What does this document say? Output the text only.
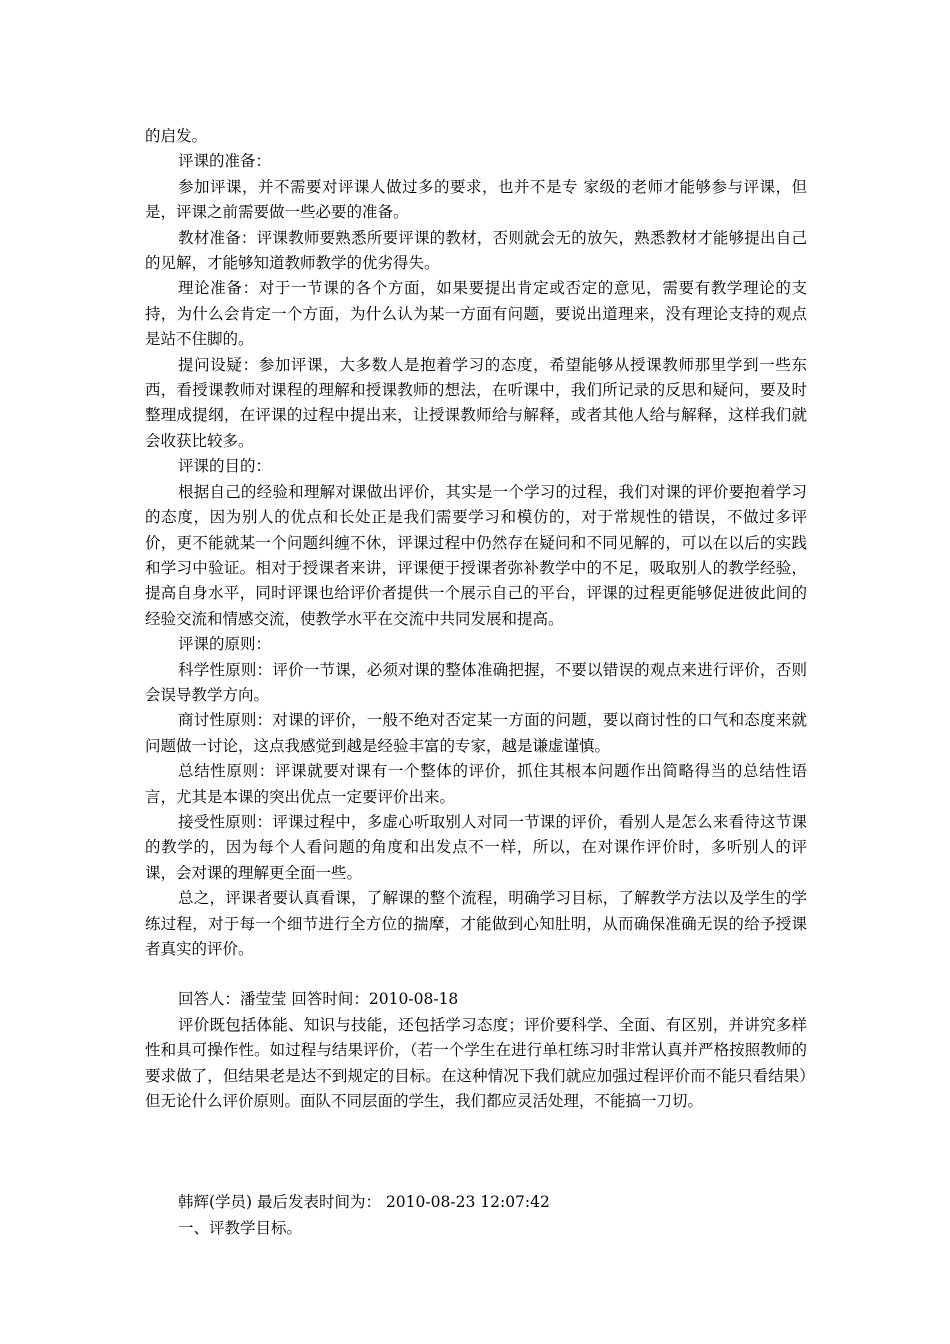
的启发。

评课的准备：

参加评课，并不需要对评课人做过多的要求，也并不是专 家级的老师才能够参与评课，但是，评课之前需要做一些必要的准备。

教材准备：评课教师要熟悉所要评课的教材，否则就会无的放矢，熟悉教材才能够提出自己的见解，才能够知道教师教学的优劣得失。

理论准备：对于一节课的各个方面，如果要提出肯定或否定的意见，需要有教学理论的支持，为什么会肯定一个方面，为什么认为某一方面有问题，要说出道理来，没有理论支持的观点是站不住脚的。

提问设疑：参加评课，大多数人是抱着学习的态度，希望能够从授课教师那里学到一些东西，看授课教师对课程的理解和授课教师的想法，在听课中，我们所记录的反思和疑问，要及时整理成提纲，在评课的过程中提出来，让授课教师给与解释，或者其他人给与解释，这样我们就会收获比较多。

评课的目的：

根据自己的经验和理解对课做出评价，其实是一个学习的过程，我们对课的评价要抱着学习的态度，因为别人的优点和长处正是我们需要学习和模仿的，对于常规性的错误，不做过多评价，更不能就某一个问题纠缠不休，评课过程中仍然存在疑问和不同见解的，可以在以后的实践和学习中验证。相对于授课者来讲，评课便于授课者弥补教学中的不足，吸取别人的教学经验，提高自身水平，同时评课也给评价者提供一个展示自己的平台，评课的过程更能够促进彼此间的经验交流和情感交流，使教学水平在交流中共同发展和提高。

评课的原则：

科学性原则：评价一节课，必须对课的整体准确把握，不要以错误的观点来进行评价，否则会误导教学方向。

商讨性原则：对课的评价，一般不绝对否定某一方面的问题，要以商讨性的口气和态度来就问题做一讨论，这点我感觉到越是经验丰富的专家，越是谦虚谨慎。

总结性原则：评课就要对课有一个整体的评价，抓住其根本问题作出简略得当的总结性语言，尤其是本课的突出优点一定要评价出来。

接受性原则：评课过程中，多虚心听取别人对同一节课的评价，看别人是怎么来看待这节课的教学的，因为每个人看问题的角度和出发点不一样，所以，在对课作评价时，多听别人的评课，会对课的理解更全面一些。

总之，评课者要认真看课，了解课的整个流程，明确学习目标，了解教学方法以及学生的学练过程，对于每一个细节进行全方位的揣摩，才能做到心知肚明，从而确保准确无误的给予授课者真实的评价。

回答人：潘莹莹 回答时间：2010-08-18

评价既包括体能、知识与技能，还包括学习态度；评价要科学、全面、有区别，并讲究多样性和具可操作性。如过程与结果评价，（若一个学生在进行单杠练习时非常认真并严格按照教师的要求做了，但结果老是达不到规定的目标。在这种情况下我们就应加强过程评价而不能只看结果）但无论什么评价原则。面队不同层面的学生，我们都应灵活处理，不能搞一刀切。

韩辉(学员) 最后发表时间为： 2010-08-23 12:07:42

一、评教学目标。
